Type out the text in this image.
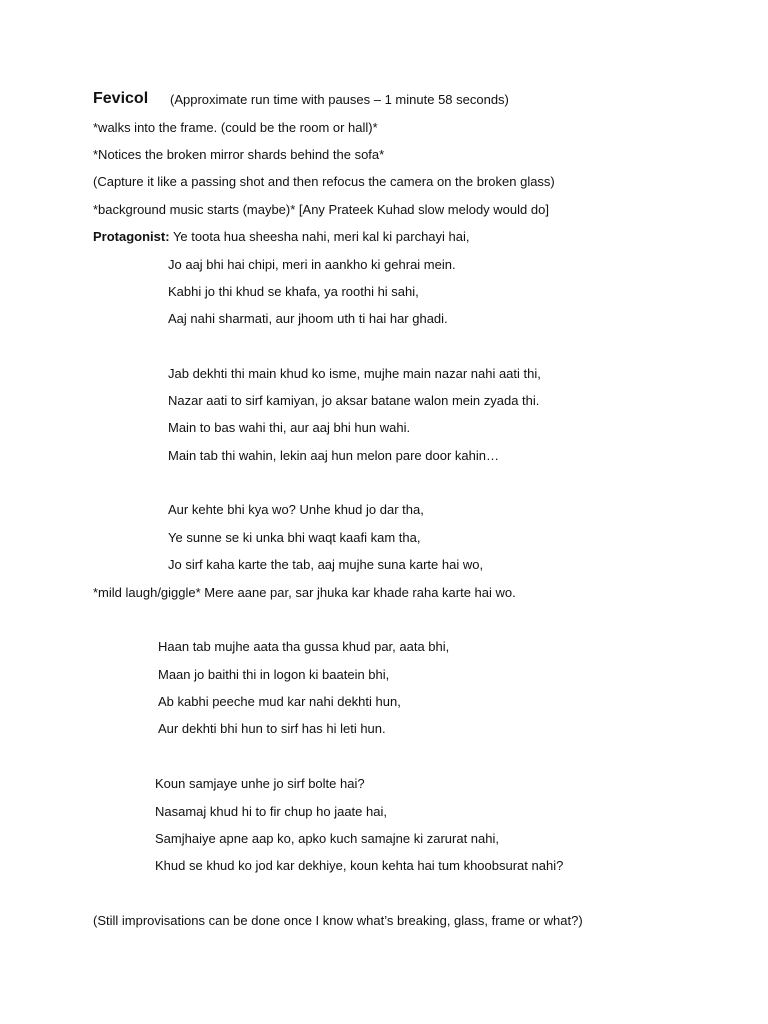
Fevicol (Approximate run time with pauses – 1 minute 58 seconds)
*walks into the frame. (could be the room or hall)*
*Notices the broken mirror shards behind the sofa*
(Capture it like a passing shot and then refocus the camera on the broken glass)
*background music starts (maybe)* [Any Prateek Kuhad slow melody would do]
Protagonist: Ye toota hua sheesha nahi, meri kal ki parchayi hai,
Jo aaj bhi hai chipi, meri in aankho ki gehrai mein.
Kabhi jo thi khud se khafa, ya roothi hi sahi,
Aaj nahi sharmati, aur jhoom uth ti hai har ghadi.
Jab dekhti thi main khud ko isme, mujhe main nazar nahi aati thi,
Nazar aati to sirf kamiyan, jo aksar batane walon mein zyada thi.
Main to bas wahi thi, aur aaj bhi hun wahi.
Main tab thi wahin, lekin aaj hun melon pare door kahin…
Aur kehte bhi kya wo? Unhe khud jo dar tha,
Ye sunne se ki unka bhi waqt kaafi kam tha,
Jo sirf kaha karte the tab, aaj mujhe suna karte hai wo,
*mild laugh/giggle* Mere aane par, sar jhuka kar khade raha karte hai wo.
Haan tab mujhe aata tha gussa khud par, aata bhi,
Maan jo baithi thi in logon ki baatein bhi,
Ab kabhi peeche mud kar nahi dekhti hun,
Aur dekhti bhi hun to sirf has hi leti hun.
Koun samjaye unhe jo sirf bolte hai?
Nasamaj khud hi to fir chup ho jaate hai,
Samjhaiye apne aap ko, apko kuch samajne ki zarurat nahi,
Khud se khud ko jod kar dekhiye, koun kehta hai tum khoobsurat nahi?
(Still improvisations can be done once I know what’s breaking, glass, frame or what?)
